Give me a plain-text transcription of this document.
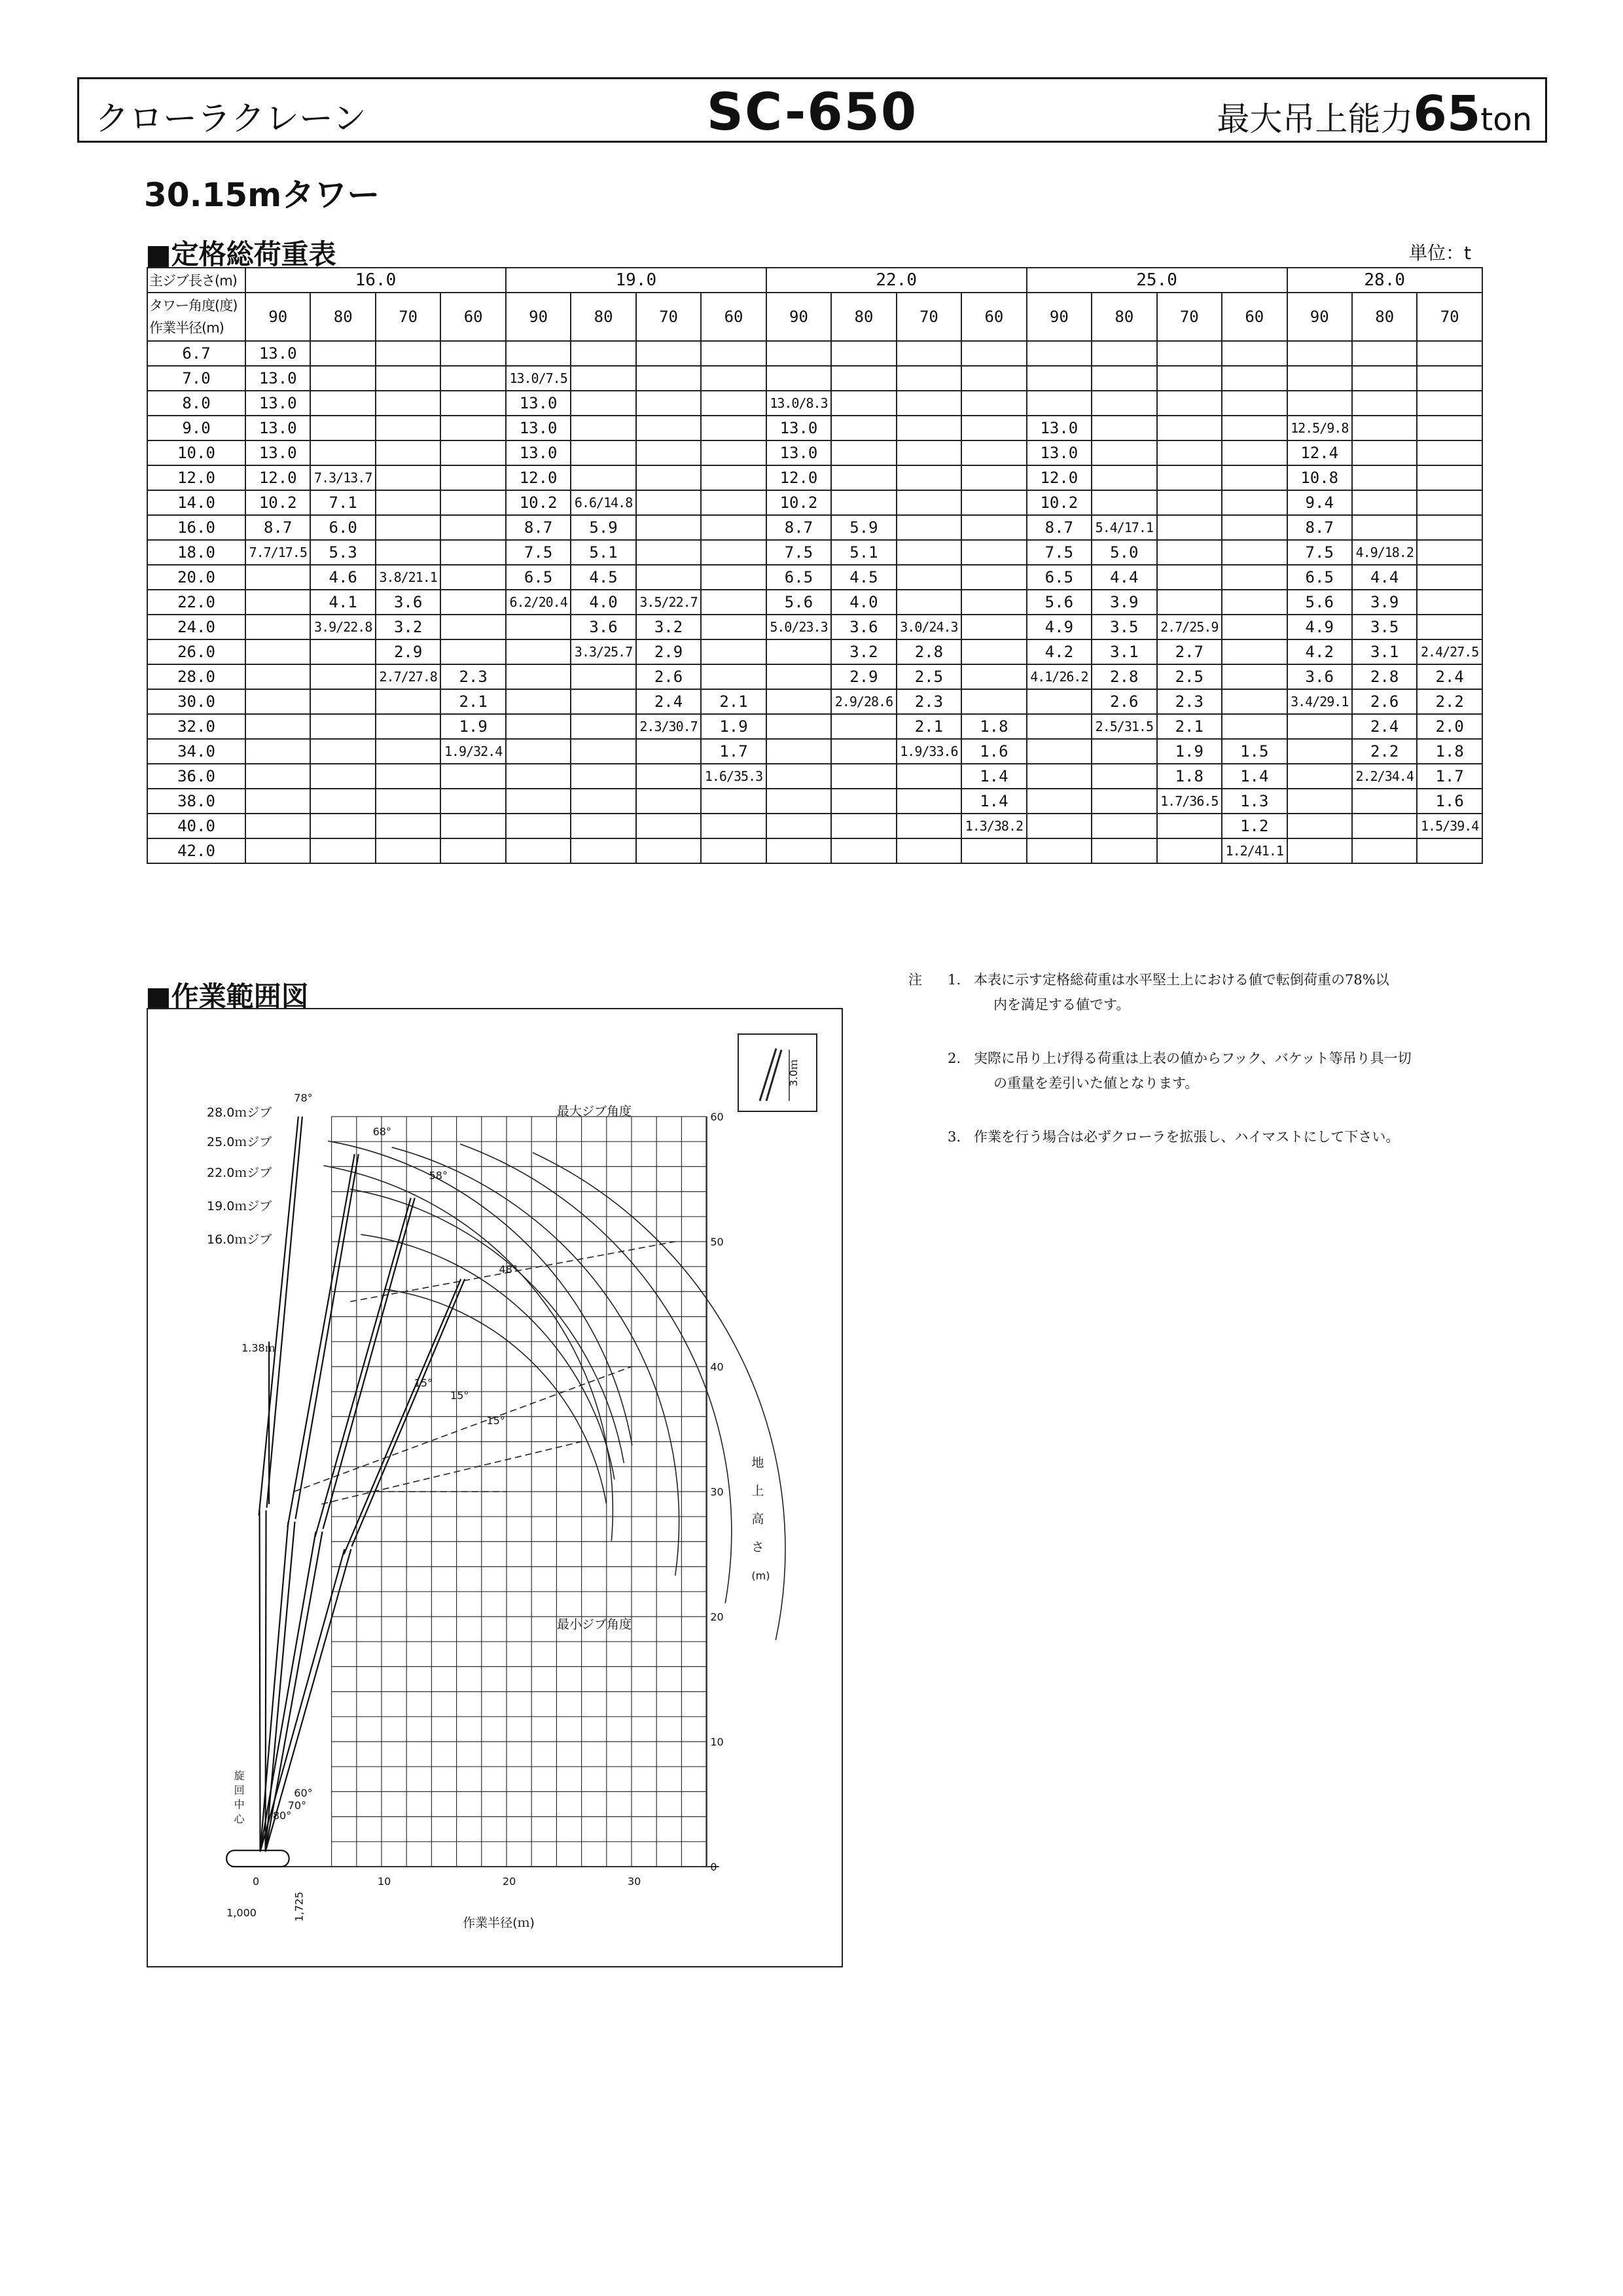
クローラクレーン	SC-650	最大吊上能力65ton
30.15mタワー
■定格総荷重表	単位：t
主ジブ長さ(m)	16.0				19.0				22.0				25.0				28.0		

タワー角度(度)
作業半径(m)	90	80	70	60	90	80	70	60	90	80	70	60	90	80	70	60	90	80	70
6.7	13.0																		
7.0	13.0				13.0/7.5														
8.0	13.0				13.0				13.0/8.3										
9.0	13.0				13.0				13.0				13.0				12.5/9.8		
10.0	13.0				13.0				13.0				13.0				12.4		
12.0	12.0	7.3/13.7			12.0				12.0				12.0				10.8		
14.0	10.2	7.1			10.2	6.6/14.8			10.2				10.2				9.4		
16.0	8.7	6.0			8.7	5.9			8.7	5.9			8.7	5.4/17.1			8.7		
18.0	7.7/17.5	5.3			7.5	5.1			7.5	5.1			7.5	5.0			7.5	4.9/18.2	
20.0		4.6	3.8/21.1		6.5	4.5			6.5	4.5			6.5	4.4			6.5	4.4	
22.0		4.1	3.6		6.2/20.4	4.0	3.5/22.7		5.6	4.0			5.6	3.9			5.6	3.9	
24.0		3.9/22.8	3.2			3.6	3.2		5.0/23.3	3.6	3.0/24.3		4.9	3.5	2.7/25.9		4.9	3.5	
26.0			2.9			3.3/25.7	2.9			3.2	2.8		4.2	3.1	2.7		4.2	3.1	2.4/27.5
28.0			2.7/27.8	2.3			2.6			2.9	2.5		4.1/26.2	2.8	2.5		3.6	2.8	2.4
30.0				2.1			2.4	2.1		2.9/28.6	2.3			2.6	2.3		3.4/29.1	2.6	2.2
32.0				1.9			2.3/30.7	1.9			2.1	1.8		2.5/31.5	2.1			2.4	2.0
34.0				1.9/32.4				1.7			1.9/33.6	1.6			1.9	1.5		2.2	1.8
36.0								1.6/35.3				1.4			1.8	1.4		2.2/34.4	1.7
38.0												1.4			1.7/36.5	1.3			1.6
40.0												1.3/38.2				1.2			1.5/39.4
42.0																1.2/41.1			
注	1. 本表に示す定格総荷重は水平堅土上における値で転倒荷重の78%以
内を満足する値です。
2. 実際に吊り上げ得る荷重は上表の値からフック、バケット等吊り具一切
の重量を差引いた値となります。
3. 作業を行う場合は必ずクローラを拡張し、ハイマストにして下さい。
■作業範囲図
28.0ｍジブ
25.0ｍジブ
22.0ｍジブ
19.0ｍジブ
16.0ｍジブ
最大ジブ角度
最小ジブ角度
78°
68°
58°
48°
15°
15°
15°
60°
70°
80°
60
50
40
30
20
10
0
0	10	20	30
地
上
高
さ
(m)
作業半径(ｍ)
旋
回
中
心
1.38ｍ
1,000	1,725
3.0ｍ
